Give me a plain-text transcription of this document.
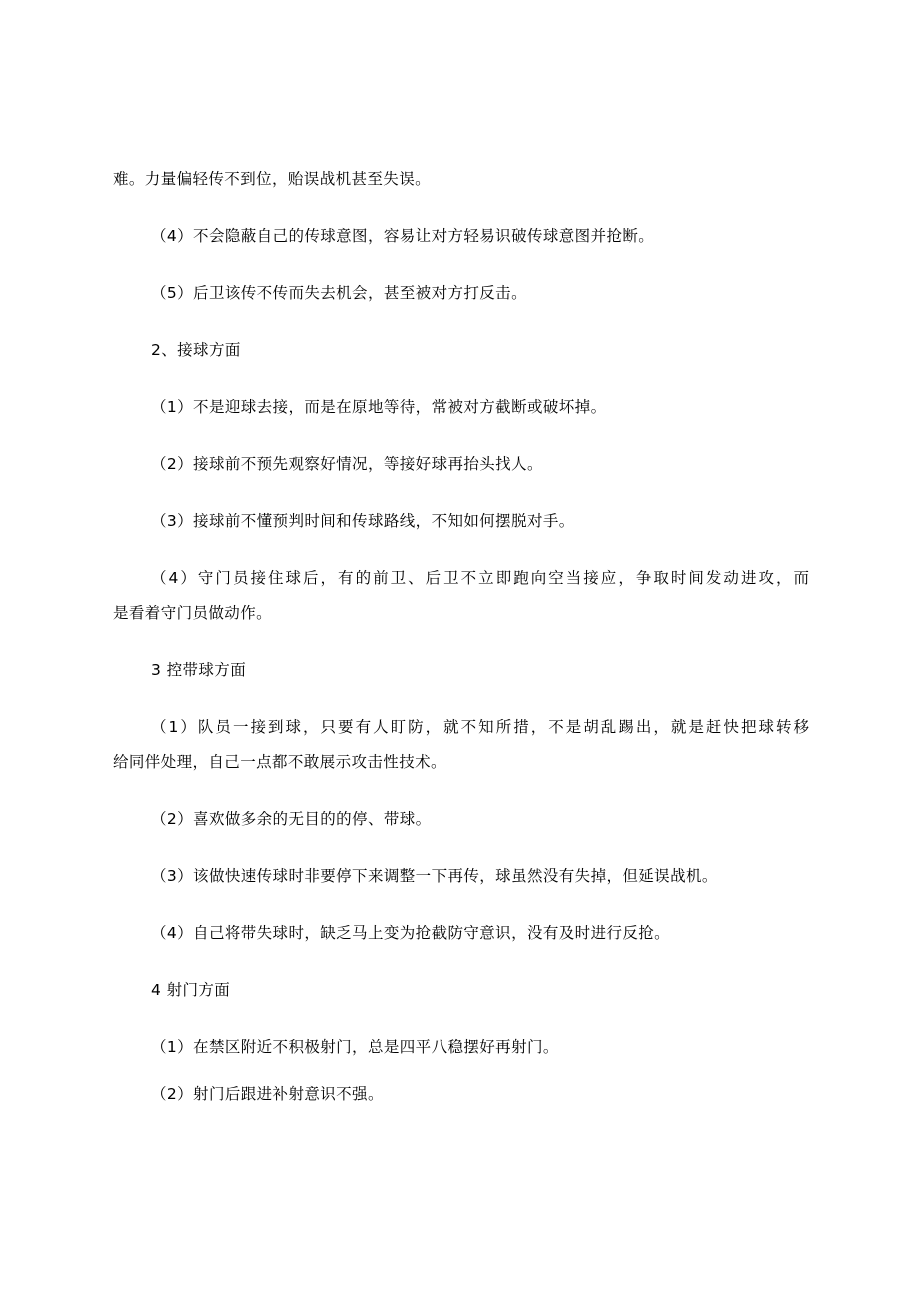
难。力量偏轻传不到位，贻误战机甚至失误。

（4）不会隐蔽自己的传球意图，容易让对方轻易识破传球意图并抢断。

（5）后卫该传不传而失去机会，甚至被对方打反击。

2、接球方面

（1）不是迎球去接，而是在原地等待，常被对方截断或破坏掉。

（2）接球前不预先观察好情况，等接好球再抬头找人。

（3）接球前不懂预判时间和传球路线，不知如何摆脱对手。

（4）守门员接住球后，有的前卫、后卫不立即跑向空当接应，争取时间发动进攻，而

是看着守门员做动作。

3 控带球方面

（1）队员一接到球，只要有人盯防，就不知所措，不是胡乱踢出，就是赶快把球转移

给同伴处理，自己一点都不敢展示攻击性技术。

（2）喜欢做多余的无目的的停、带球。

（3）该做快速传球时非要停下来调整一下再传，球虽然没有失掉，但延误战机。

（4）自己将带失球时，缺乏马上变为抢截防守意识，没有及时进行反抢。

4 射门方面

（1）在禁区附近不积极射门，总是四平八稳摆好再射门。

（2）射门后跟进补射意识不强。
